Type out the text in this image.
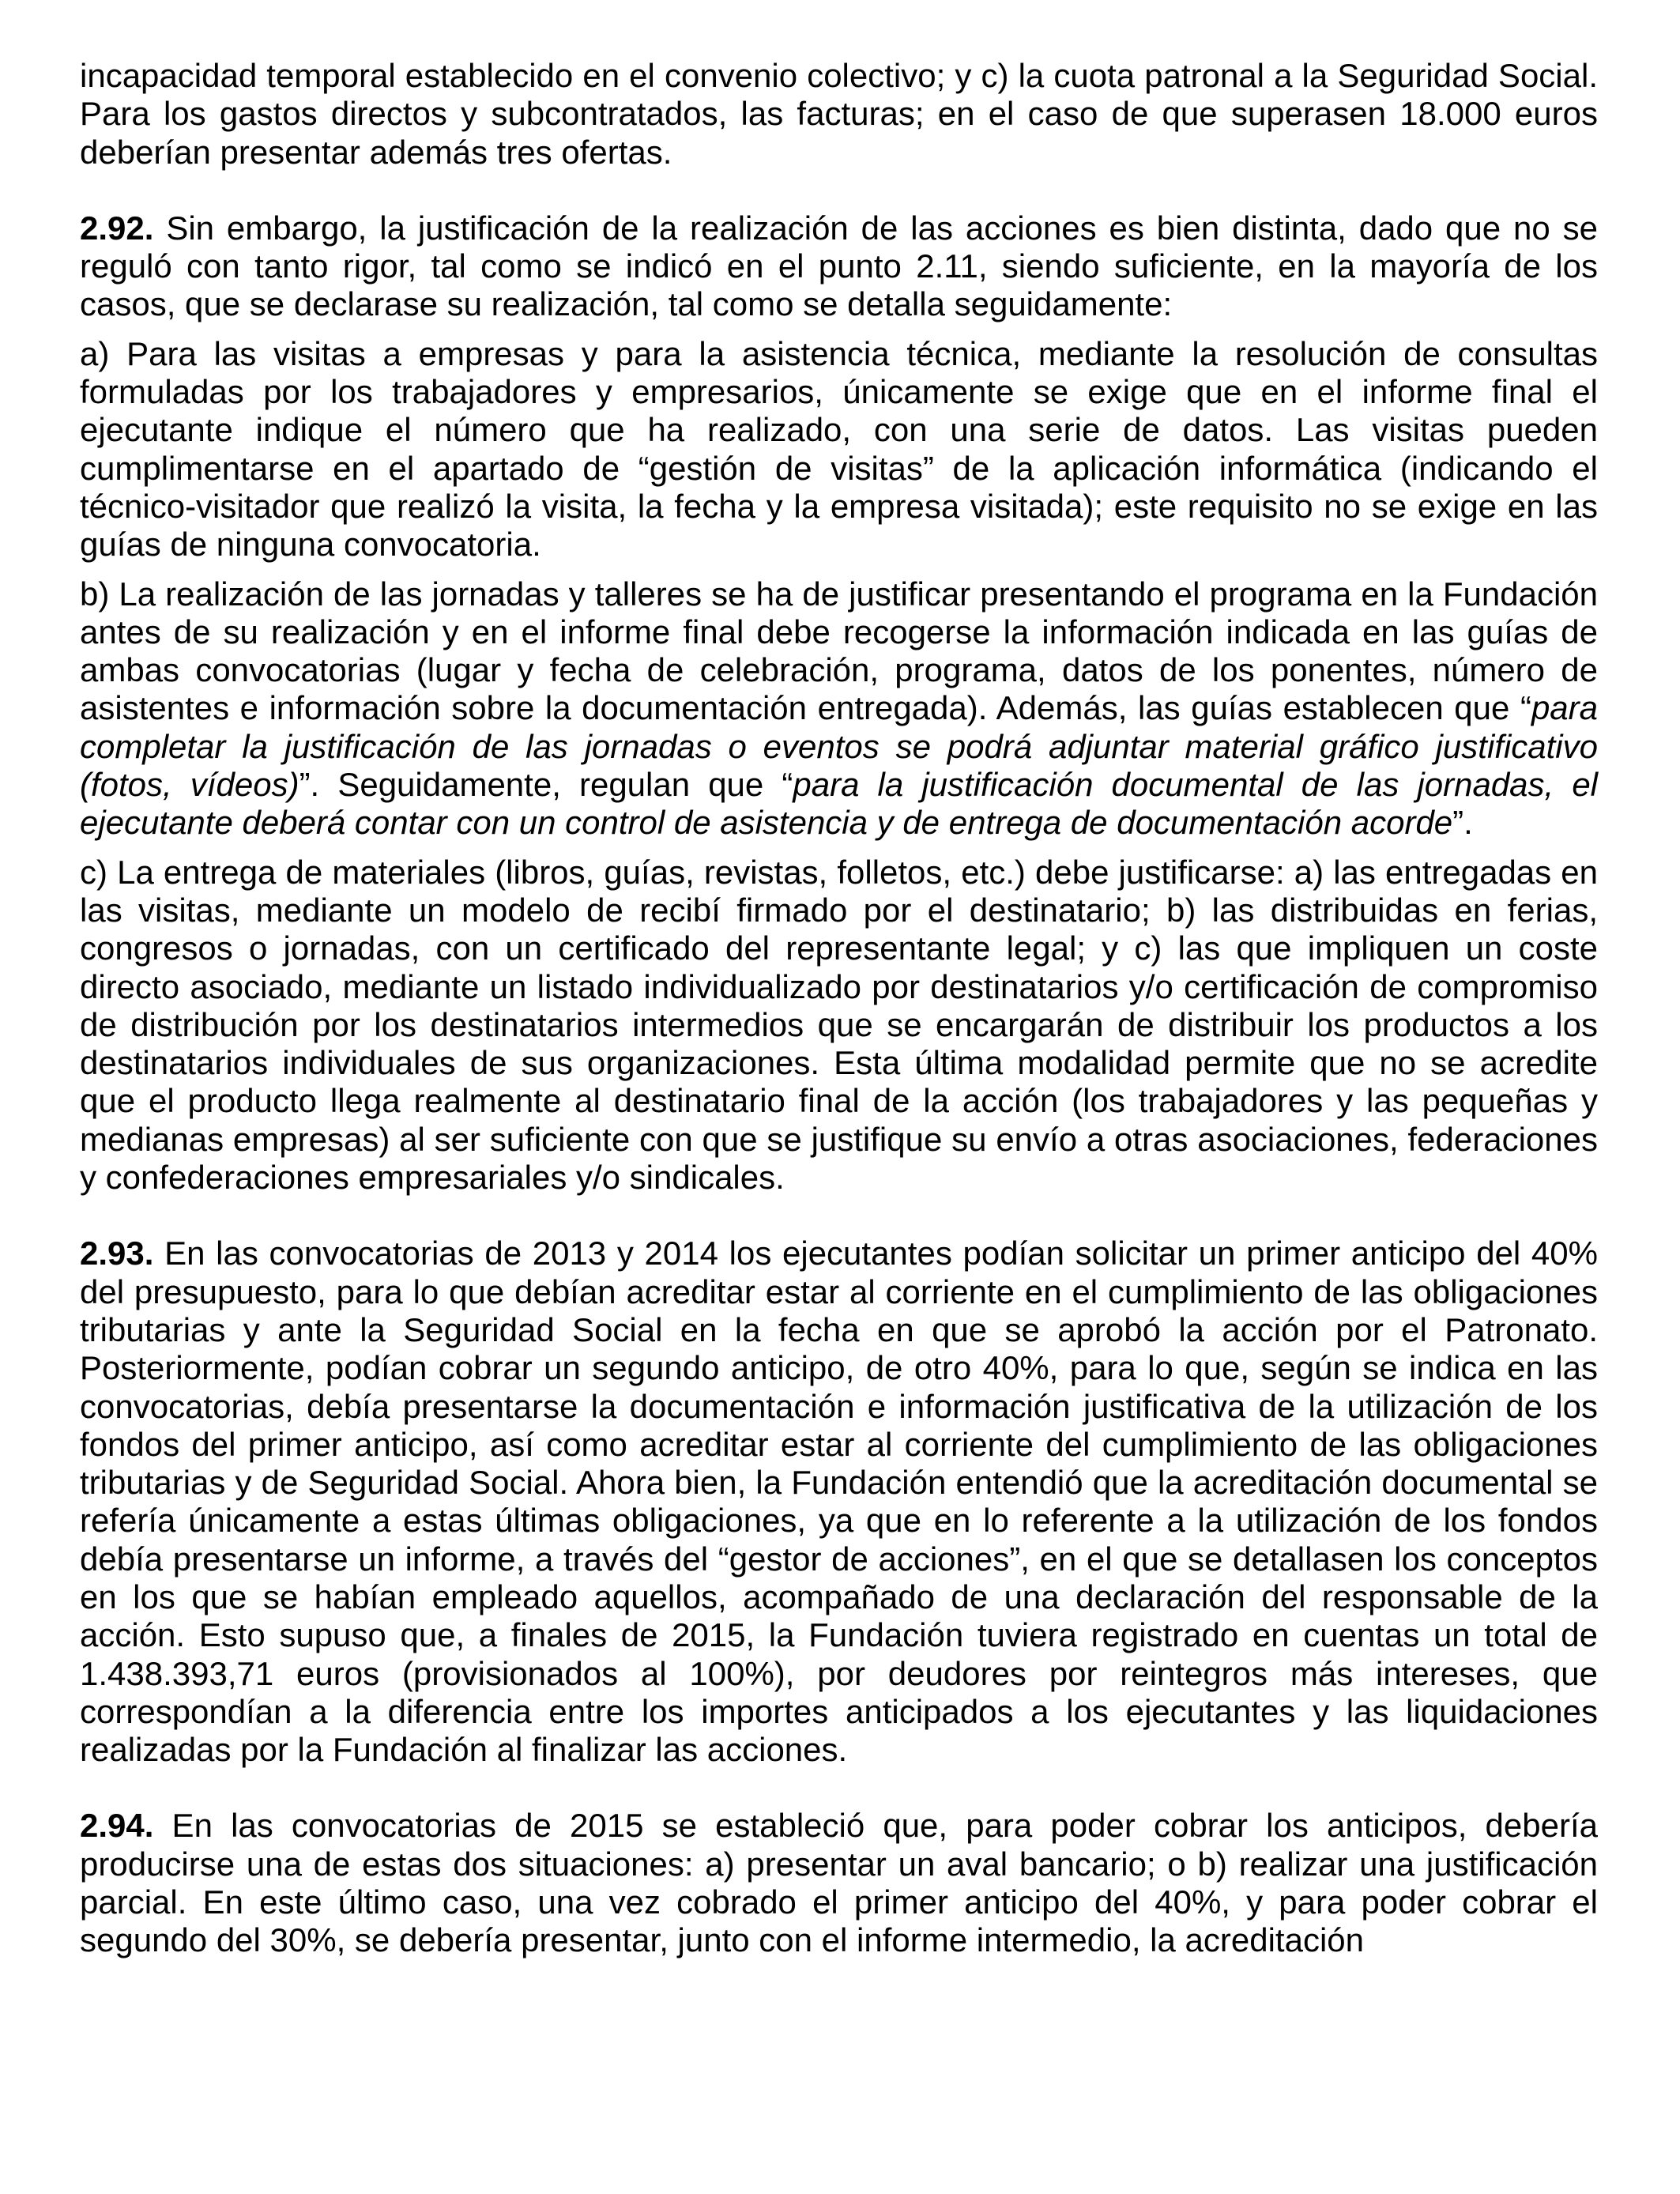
incapacidad temporal establecido en el convenio colectivo; y c) la cuota patronal a la Seguridad Social. Para los gastos directos y subcontratados, las facturas; en el caso de que superasen 18.000 euros deberían presentar además tres ofertas.

2.92. Sin embargo, la justificación de la realización de las acciones es bien distinta, dado que no se reguló con tanto rigor, tal como se indicó en el punto 2.11, siendo suficiente, en la mayoría de los casos, que se declarase su realización, tal como se detalla seguidamente:

a) Para las visitas a empresas y para la asistencia técnica, mediante la resolución de consultas formuladas por los trabajadores y empresarios, únicamente se exige que en el informe final el ejecutante indique el número que ha realizado, con una serie de datos. Las visitas pueden cumplimentarse en el apartado de “gestión de visitas” de la aplicación informática (indicando el técnico-visitador que realizó la visita, la fecha y la empresa visitada); este requisito no se exige en las guías de ninguna convocatoria.

b) La realización de las jornadas y talleres se ha de justificar presentando el programa en la Fundación antes de su realización y en el informe final debe recogerse la información indicada en las guías de ambas convocatorias (lugar y fecha de celebración, programa, datos de los ponentes, número de asistentes e información sobre la documentación entregada). Además, las guías establecen que “para completar la justificación de las jornadas o eventos se podrá adjuntar material gráfico justificativo (fotos, vídeos)”. Seguidamente, regulan que “para la justificación documental de las jornadas, el ejecutante deberá contar con un control de asistencia y de entrega de documentación acorde”.

c) La entrega de materiales (libros, guías, revistas, folletos, etc.) debe justificarse: a) las entregadas en las visitas, mediante un modelo de recibí firmado por el destinatario; b) las distribuidas en ferias, congresos o jornadas, con un certificado del representante legal; y c) las que impliquen un coste directo asociado, mediante un listado individualizado por destinatarios y/o certificación de compromiso de distribución por los destinatarios intermedios que se encargarán de distribuir los productos a los destinatarios individuales de sus organizaciones. Esta última modalidad permite que no se acredite que el producto llega realmente al destinatario final de la acción (los trabajadores y las pequeñas y medianas empresas) al ser suficiente con que se justifique su envío a otras asociaciones, federaciones y confederaciones empresariales y/o sindicales.

2.93. En las convocatorias de 2013 y 2014 los ejecutantes podían solicitar un primer anticipo del 40% del presupuesto, para lo que debían acreditar estar al corriente en el cumplimiento de las obligaciones tributarias y ante la Seguridad Social en la fecha en que se aprobó la acción por el Patronato. Posteriormente, podían cobrar un segundo anticipo, de otro 40%, para lo que, según se indica en las convocatorias, debía presentarse la documentación e información justificativa de la utilización de los fondos del primer anticipo, así como acreditar estar al corriente del cumplimiento de las obligaciones tributarias y de Seguridad Social. Ahora bien, la Fundación entendió que la acreditación documental se refería únicamente a estas últimas obligaciones, ya que en lo referente a la utilización de los fondos debía presentarse un informe, a través del “gestor de acciones”, en el que se detallasen los conceptos en los que se habían empleado aquellos, acompañado de una declaración del responsable de la acción. Esto supuso que, a finales de 2015, la Fundación tuviera registrado en cuentas un total de 1.438.393,71 euros (provisionados al 100%), por deudores por reintegros más intereses, que correspondían a la diferencia entre los importes anticipados a los ejecutantes y las liquidaciones realizadas por la Fundación al finalizar las acciones.

2.94. En las convocatorias de 2015 se estableció que, para poder cobrar los anticipos, debería producirse una de estas dos situaciones: a) presentar un aval bancario; o b) realizar una justificación parcial. En este último caso, una vez cobrado el primer anticipo del 40%, y para poder cobrar el segundo del 30%, se debería presentar, junto con el informe intermedio, la acreditación
